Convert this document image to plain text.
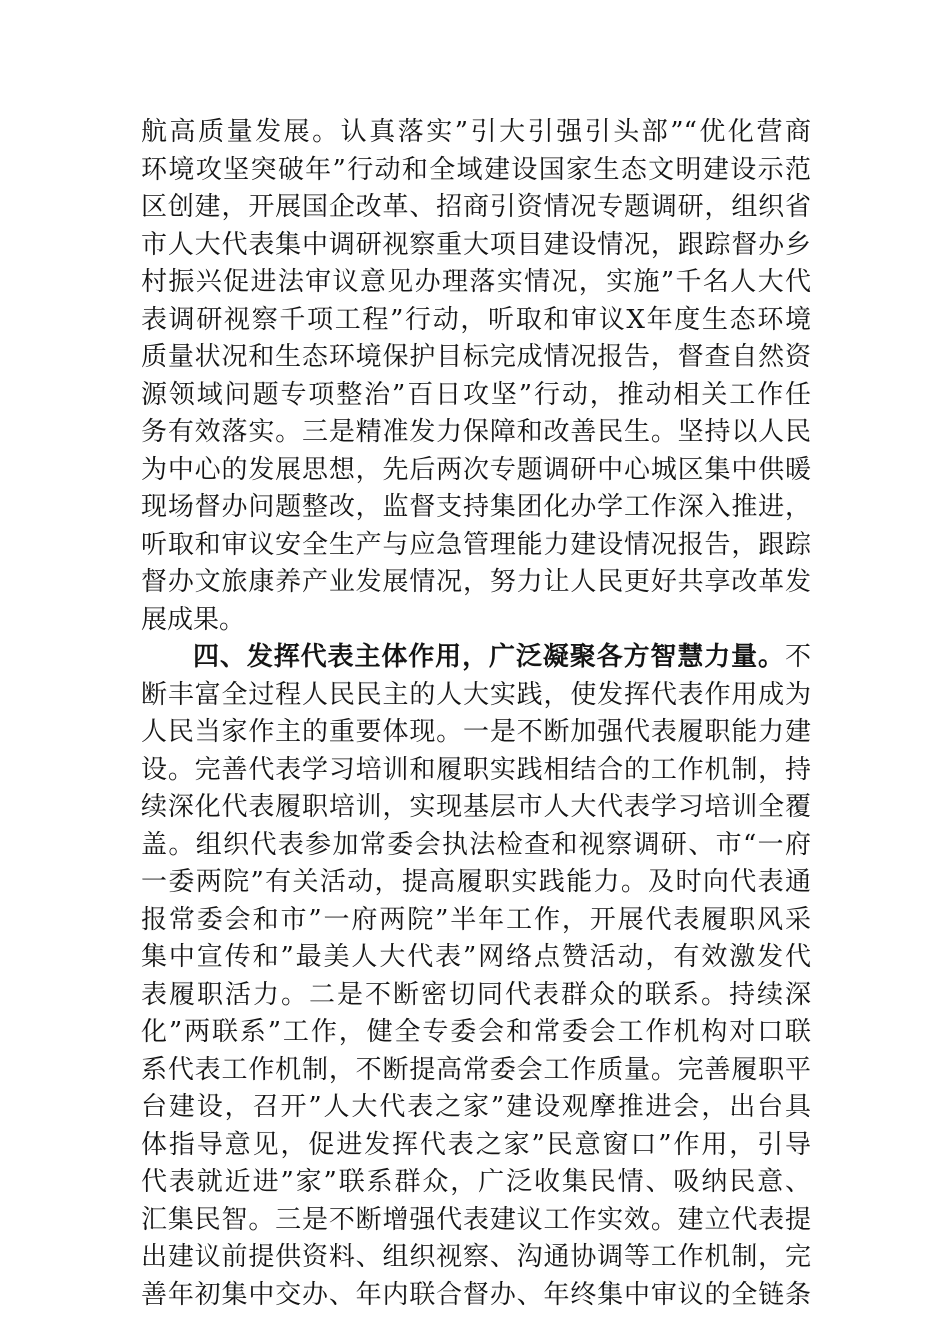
航高质量发展。认真落实”引大引强引头部”“优化营商
环境攻坚突破年”行动和全域建设国家生态文明建设示范
区创建，开展国企改革、招商引资情况专题调研，组织省
市人大代表集中调研视察重大项目建设情况，跟踪督办乡
村振兴促进法审议意见办理落实情况，实施”千名人大代
表调研视察千项工程”行动，听取和审议X年度生态环境
质量状况和生态环境保护目标完成情况报告，督查自然资
源领域问题专项整治”百日攻坚”行动，推动相关工作任
务有效落实。三是精准发力保障和改善民生。坚持以人民
为中心的发展思想，先后两次专题调研中心城区集中供暖
现场督办问题整改，监督支持集团化办学工作深入推进，
听取和审议安全生产与应急管理能力建设情况报告，跟踪
督办文旅康养产业发展情况，努力让人民更好共享改革发
展成果。
四、发挥代表主体作用，广泛凝聚各方智慧力量。不
断丰富全过程人民民主的人大实践，使发挥代表作用成为
人民当家作主的重要体现。一是不断加强代表履职能力建
设。完善代表学习培训和履职实践相结合的工作机制，持
续深化代表履职培训，实现基层市人大代表学习培训全覆
盖。组织代表参加常委会执法检查和视察调研、市“一府
一委两院”有关活动，提高履职实践能力。及时向代表通
报常委会和市”一府两院”半年工作，开展代表履职风采
集中宣传和”最美人大代表”网络点赞活动，有效激发代
表履职活力。二是不断密切同代表群众的联系。持续深
化”两联系”工作，健全专委会和常委会工作机构对口联
系代表工作机制，不断提高常委会工作质量。完善履职平
台建设，召开”人大代表之家”建设观摩推进会，出台具
体指导意见，促进发挥代表之家”民意窗口”作用，引导
代表就近进”家”联系群众，广泛收集民情、吸纳民意、
汇集民智。三是不断增强代表建议工作实效。建立代表提
出建议前提供资料、组织视察、沟通协调等工作机制，完
善年初集中交办、年内联合督办、年终集中审议的全链条
